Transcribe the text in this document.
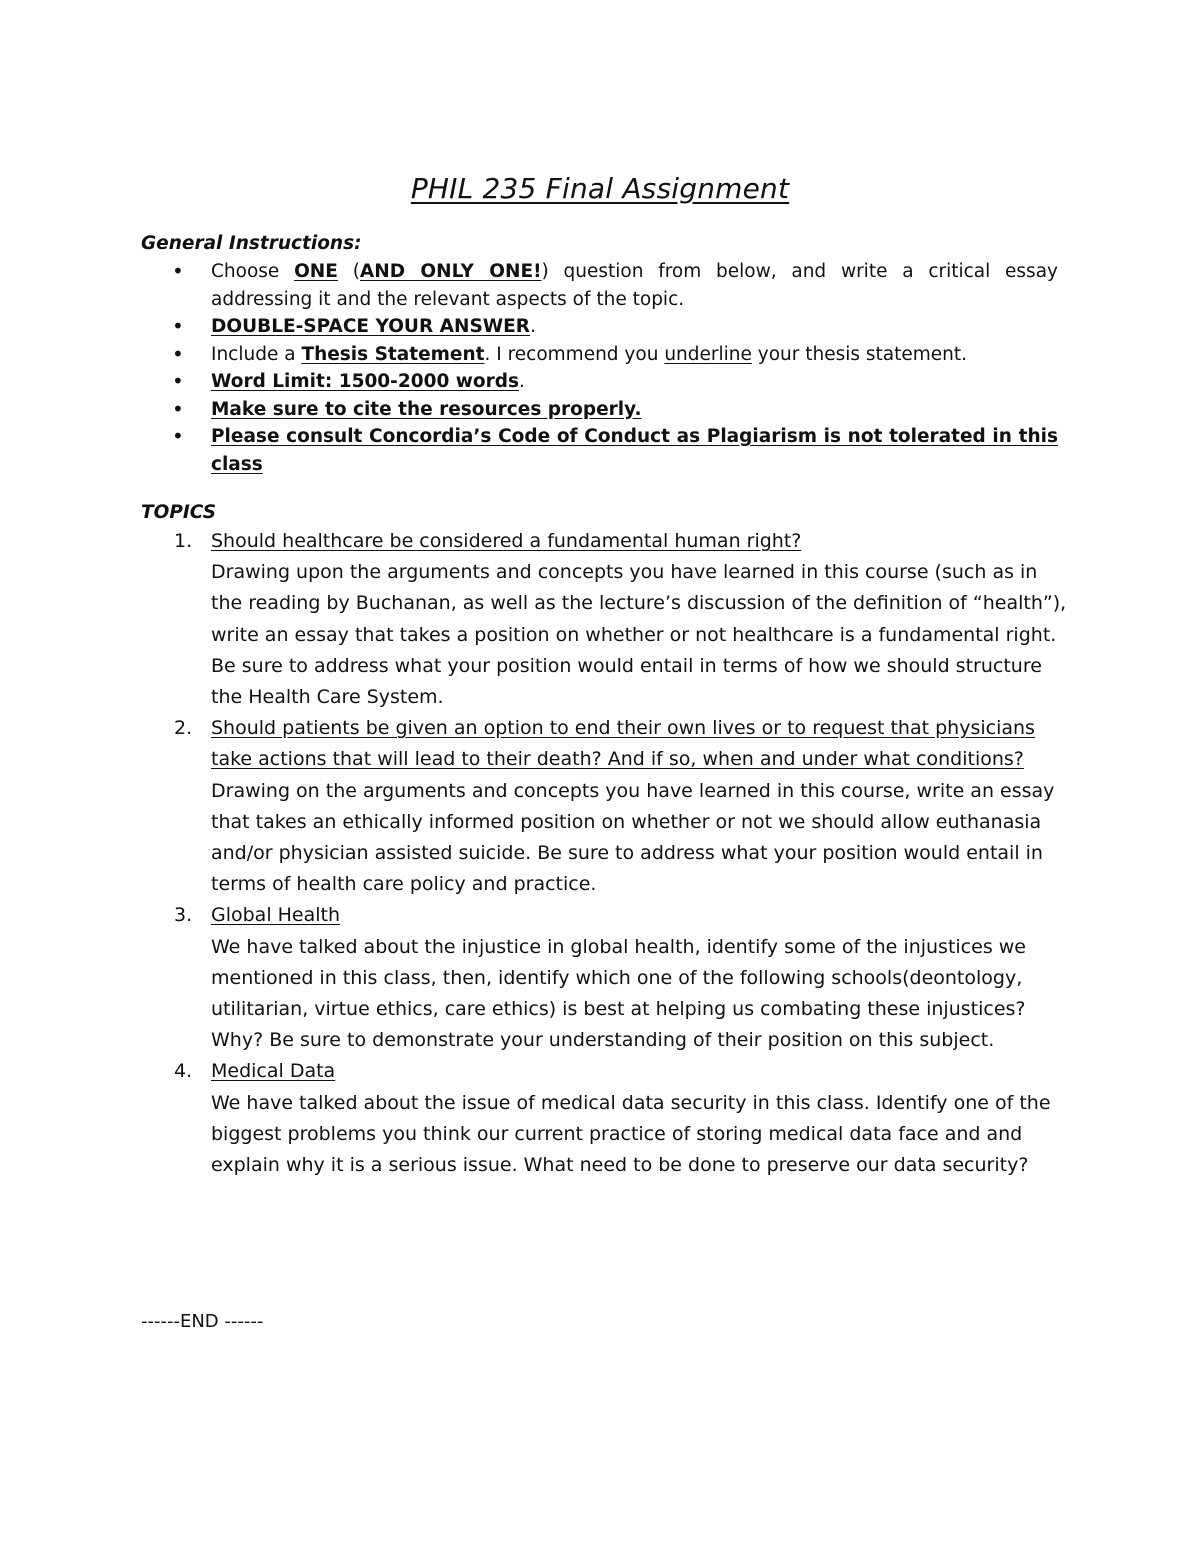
PHIL 235 Final Assignment
General Instructions:
• Choose ONE (AND ONLY ONE!) question from below, and write a critical essay addressing it and the relevant aspects of the topic.
• DOUBLE-SPACE YOUR ANSWER.
• Include a Thesis Statement. I recommend you underline your thesis statement.
• Word Limit: 1500-2000 words.
• Make sure to cite the resources properly.
• Please consult Concordia’s Code of Conduct as Plagiarism is not tolerated in this class
TOPICS
1. Should healthcare be considered a fundamental human right?
Drawing upon the arguments and concepts you have learned in this course (such as in the reading by Buchanan, as well as the lecture’s discussion of the definition of “health”), write an essay that takes a position on whether or not healthcare is a fundamental right. Be sure to address what your position would entail in terms of how we should structure the Health Care System.
2. Should patients be given an option to end their own lives or to request that physicians take actions that will lead to their death? And if so, when and under what conditions?
Drawing on the arguments and concepts you have learned in this course, write an essay that takes an ethically informed position on whether or not we should allow euthanasia and/or physician assisted suicide. Be sure to address what your position would entail in terms of health care policy and practice.
3. Global Health
We have talked about the injustice in global health, identify some of the injustices we mentioned in this class, then, identify which one of the following schools(deontology, utilitarian, virtue ethics, care ethics) is best at helping us combating these injustices? Why? Be sure to demonstrate your understanding of their position on this subject.
4. Medical Data
We have talked about the issue of medical data security in this class. Identify one of the biggest problems you think our current practice of storing medical data face and and explain why it is a serious issue. What need to be done to preserve our data security?
------END ------
